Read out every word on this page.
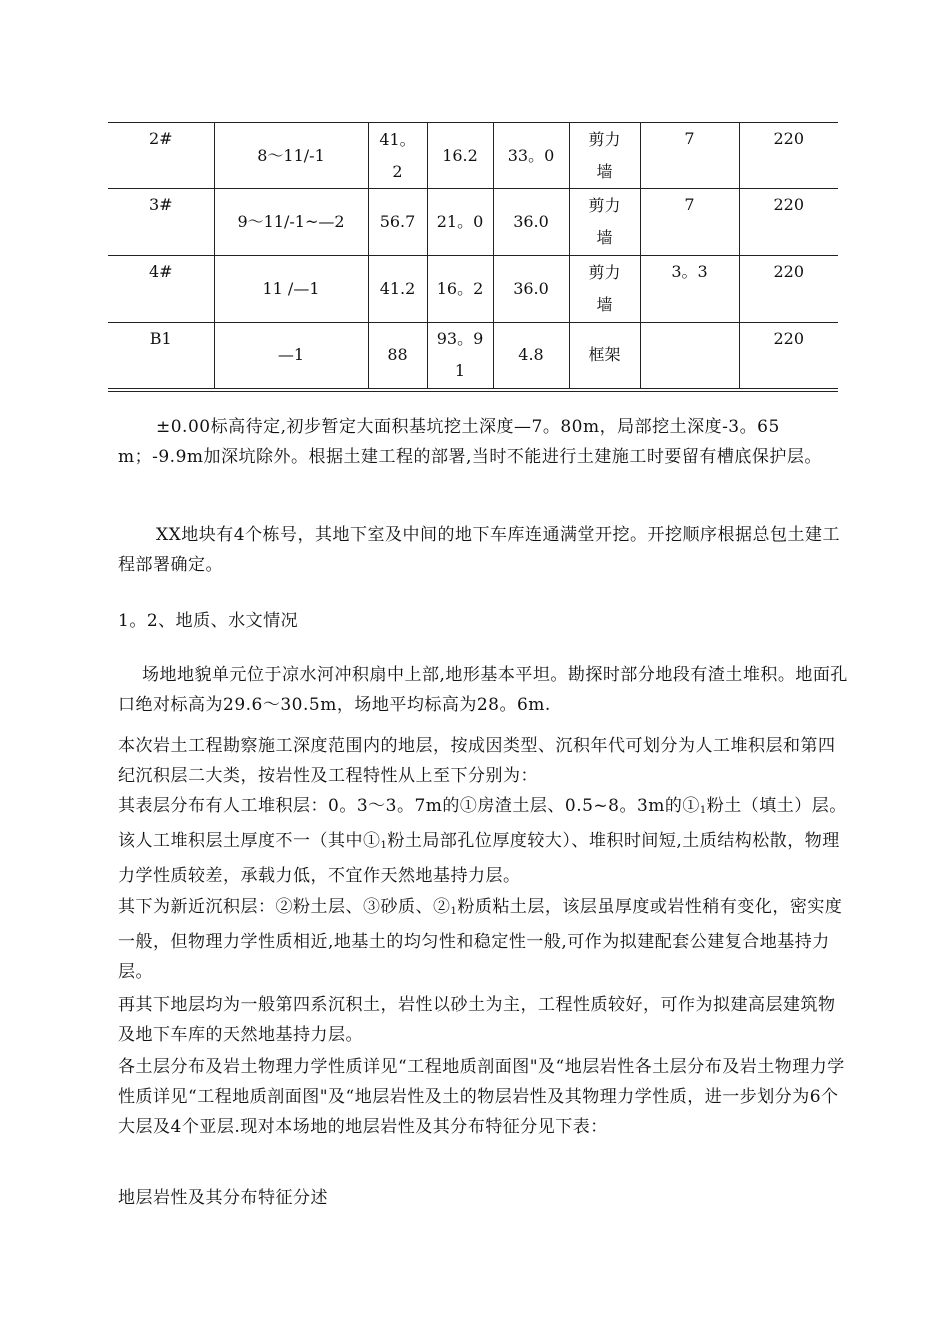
2#	8～11/-1	41。2	16.2	33。0	剪力墙	7	220
3#	9～11/-1~—2	56.7	21。0	36.0	剪力墙	7	220
4#	11 /—1	41.2	16。2	36.0	剪力墙	3。3	220
B1	—1	88	93。91	4.8	框架		220

±0.00标高待定,初步暂定大面积基坑挖土深度—7。80m，局部挖土深度-3。65 m；-9.9m加深坑除外。根据土建工程的部署,当时不能进行土建施工时要留有槽底保护层。

XX地块有4个栋号，其地下室及中间的地下车库连通满堂开挖。开挖顺序根据总包土建工程部署确定。

1。2、地质、水文情况

场地地貌单元位于凉水河冲积扇中上部,地形基本平坦。勘探时部分地段有渣土堆积。地面孔口绝对标高为29.6～30.5m，场地平均标高为28。6m.

本次岩土工程勘察施工深度范围内的地层，按成因类型、沉积年代可划分为人工堆积层和第四纪沉积层二大类，按岩性及工程特性从上至下分别为：

其表层分布有人工堆积层：0。3～3。7m的①房渣土层、0.5~8。3m的$①_1$粉土（填土）层。该人工堆积层土厚度不一（其中$①_1$粉土局部孔位厚度较大）、堆积时间短,土质结构松散，物理力学性质较差，承载力低，不宜作天然地基持力层。

其下为新近沉积层：②粉土层、③砂质、$②_1$粉质粘土层，该层虽厚度或岩性稍有变化，密实度一般，但物理力学性质相近,地基土的均匀性和稳定性一般,可作为拟建配套公建复合地基持力层。

再其下地层均为一般第四系沉积土，岩性以砂土为主，工程性质较好，可作为拟建高层建筑物及地下车库的天然地基持力层。

各土层分布及岩土物理力学性质详见“工程地质剖面图"及“地层岩性各土层分布及岩土物理力学性质详见“工程地质剖面图"及“地层岩性及土的物层岩性及其物理力学性质，进一步划分为6个大层及4个亚层.现对本场地的地层岩性及其分布特征分见下表：

地层岩性及其分布特征分述
